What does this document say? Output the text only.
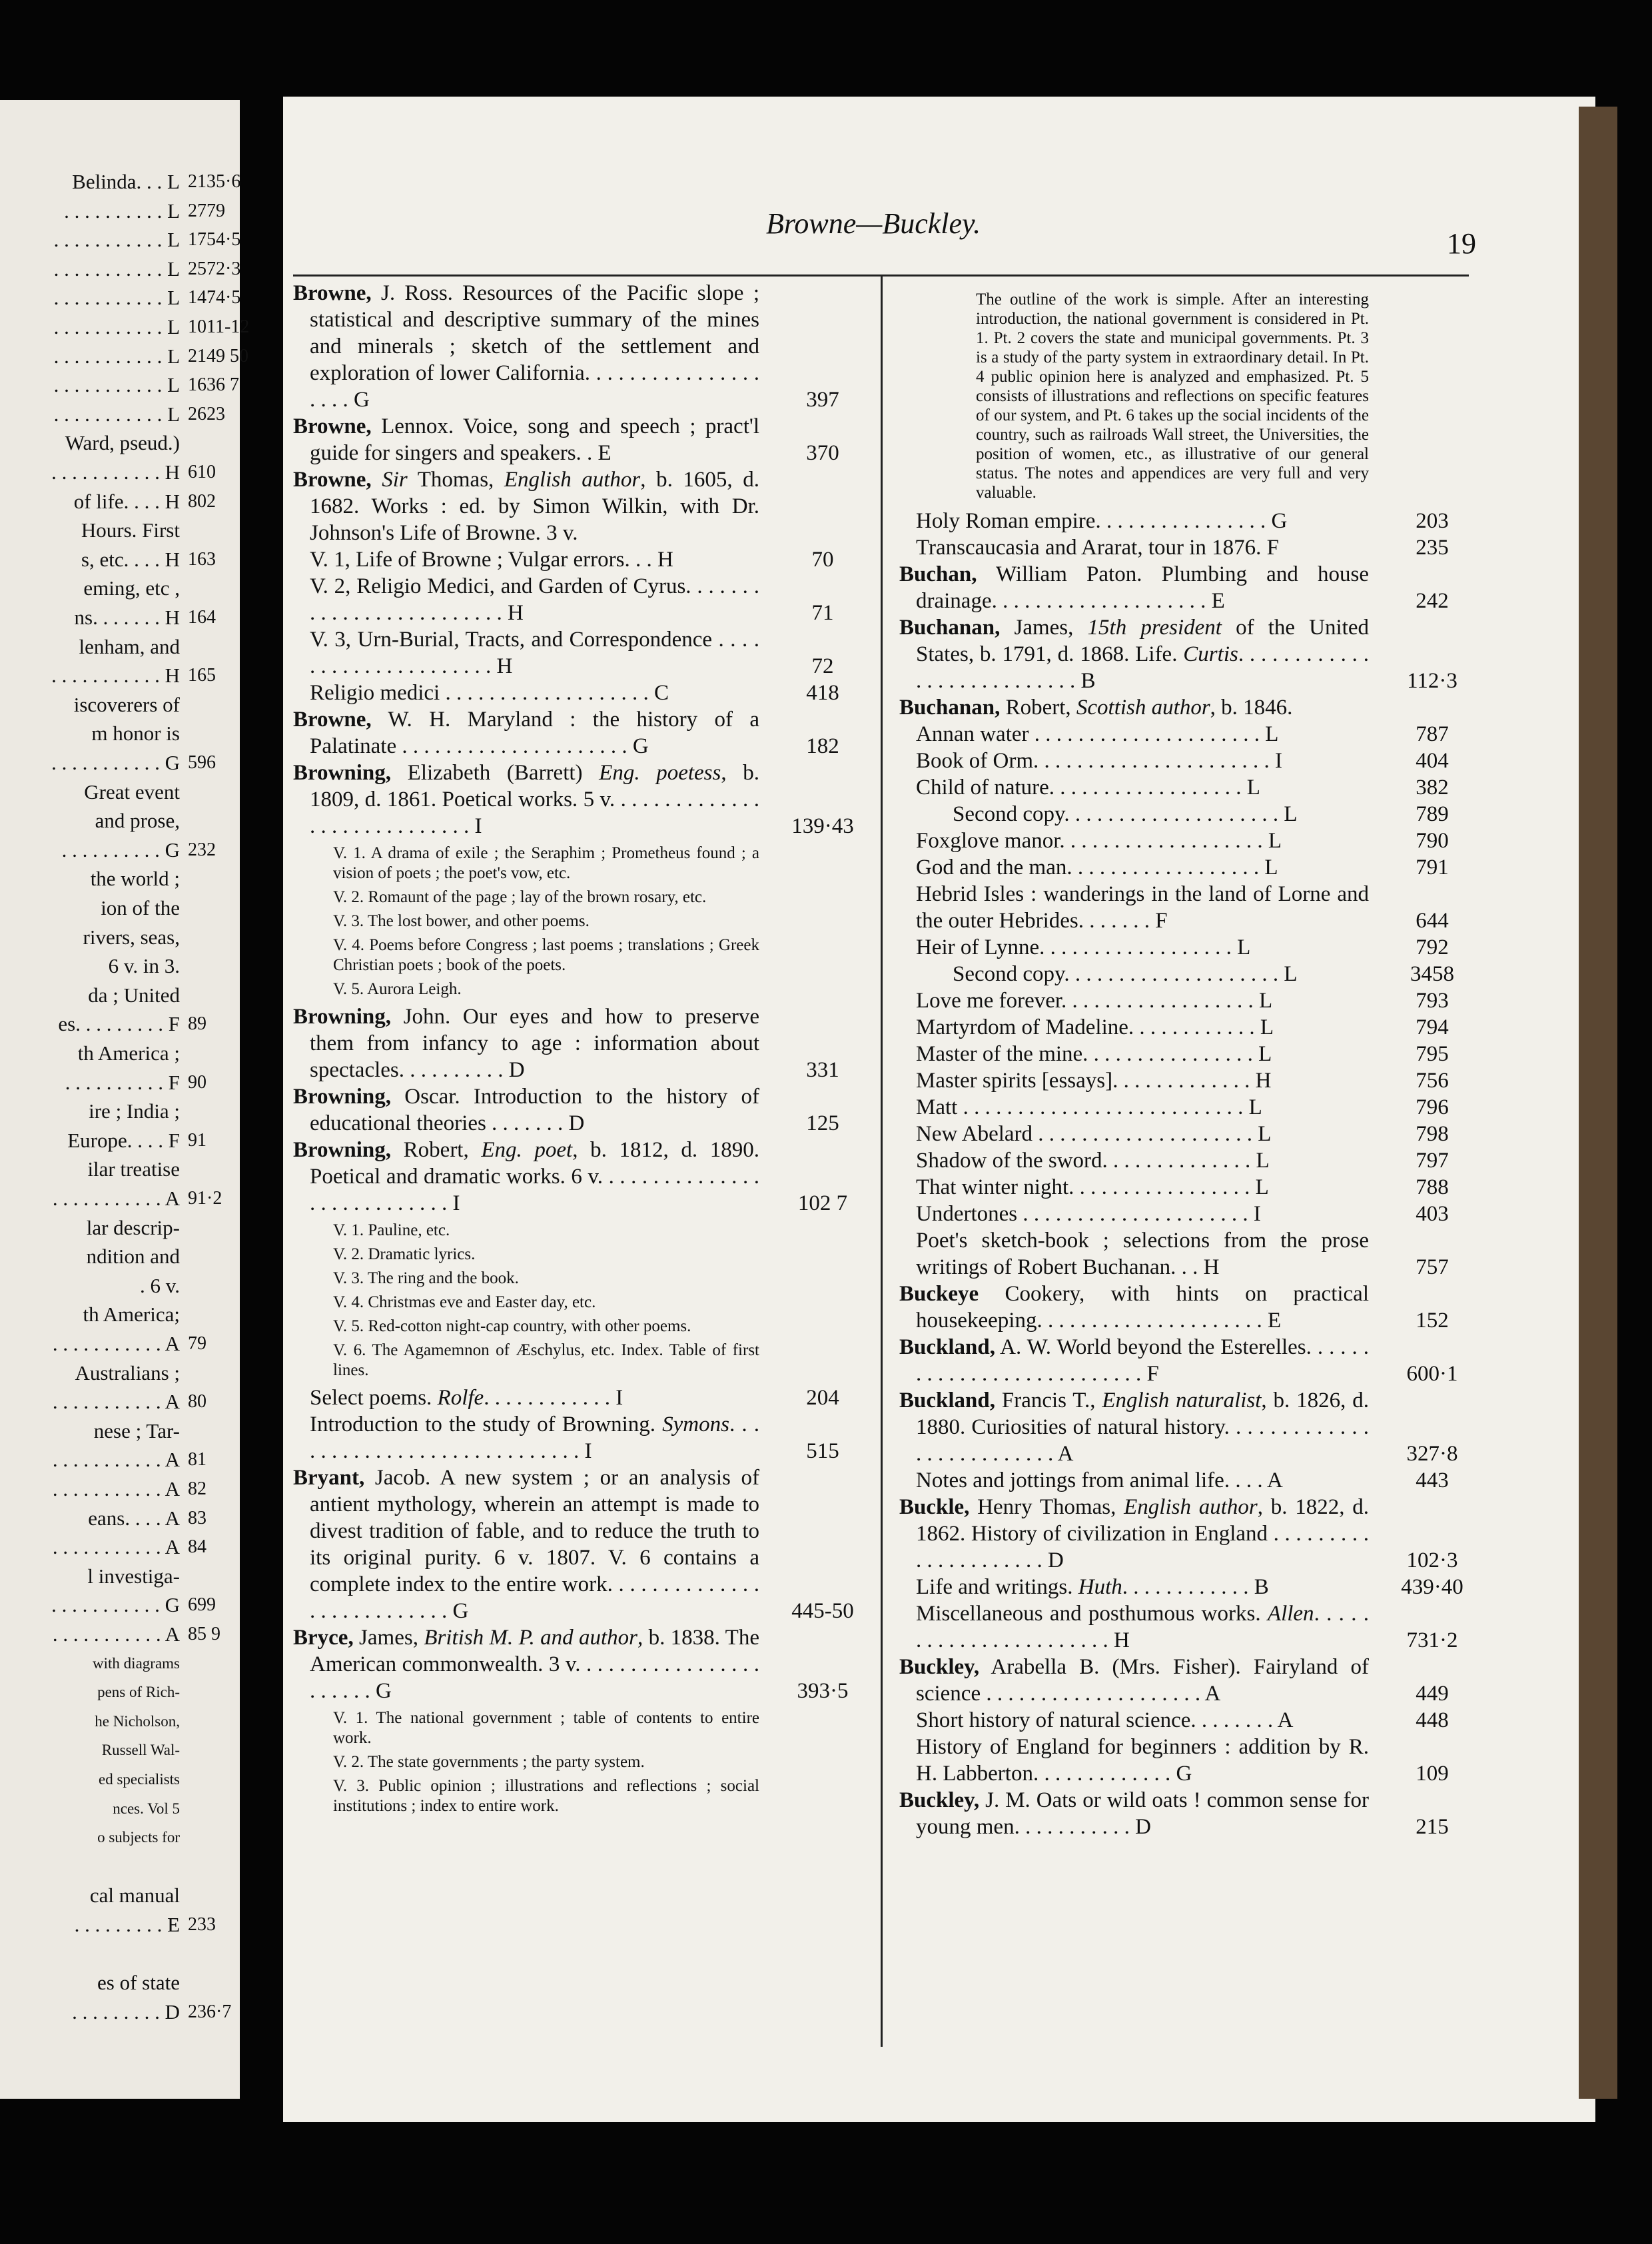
Belinda. . . L 2135·6
. . . . . . . . . . L 2779
. . . . . . . . . . . L 1754·5
. . . . . . . . . . . L 2572·3
. . . . . . . . . . . L 1474·5
. . . . . . . . . . . L 1011-12
. . . . . . . . . . . L 2149 50
. . . . . . . . . . . L 1636 7
. . . . . . . . . . . L 2623
Ward, pseud.)
. . . . . . . . . . . H 610
of life. . . . H 802
Hours. First
s, etc. . . . H 163
eming, etc ,
ns. . . . . . . H 164
lenham, and
. . . . . . . . . . . H 165
iscoverers of
m honor is
. . . . . . . . . . . G 596
Great event
and prose,
. . . . . . . . . . G 232
the world ;
ion of the
rivers, seas,
6 v. in 3.
da ; United
es. . . . . . . . . F 89
th America ;
. . . . . . . . . . F 90
ire ; India ;
Europe. . . . F 91
ilar treatise
. . . . . . . . . . . A 91·2
lar descrip-
ndition and
. 6 v.
th America;
. . . . . . . . . . . A 79
Australians ;
. . . . . . . . . . . A 80
nese ; Tar-
. . . . . . . . . . . A 81
. . . . . . . . . . . A 82
eans. . . . A 83
. . . . . . . . . . . A 84
l investiga-
. . . . . . . . . . . G 699
. . . . . . . . . . . A 85 9
with diagrams
pens of Rich-
he Nicholson,
Russell Wal-
ed specialists
nces. Vol 5
o subjects for
cal manual
. . . . . . . . . E 233
es of state
. . . . . . . . . D 236·7
Browne—Buckley.
19

Browne, J. Ross. Resources of the Pacific slope ; statistical and descriptive summary of the mines and minerals ; sketch of the settlement and exploration of lower California. . . . . . . . . . . . . . . . . . . . G	397

Browne, Lennox. Voice, song and speech ; pract'l guide for singers and speakers. . E	370

Browne, Sir Thomas, English author, b. 1605, d. 1682. Works : ed. by Simon Wilkin, with Dr. Johnson's Life of Browne. 3 v.

V. 1, Life of Browne ; Vulgar errors. . . H	70

V. 2, Religio Medici, and Garden of Cyrus. . . . . . . . . . . . . . . . . . . . . . . . . H	71

V. 3, Urn-Burial, Tracts, and Correspondence . . . . . . . . . . . . . . . . . . . . . H	72

Religio medici . . . . . . . . . . . . . . . . . . . C	418

Browne, W. H. Maryland : the history of a Palatinate . . . . . . . . . . . . . . . . . . . . . G	182

Browning, Elizabeth (Barrett) Eng. poetess, b. 1809, d. 1861. Poetical works. 5 v. . . . . . . . . . . . . . . . . . . . . . . . . . . . . I	139·43

V. 1. A drama of exile ; the Seraphim ; Prometheus found ; a vision of poets ; the poet's vow, etc.

V. 2. Romaunt of the page ; lay of the brown rosary, etc.

V. 3. The lost bower, and other poems.

V. 4. Poems before Congress ; last poems ; translations ; Greek Christian poets ; book of the poets.

V. 5. Aurora Leigh.

Browning, John. Our eyes and how to preserve them from infancy to age : information about spectacles. . . . . . . . . . D	331

Browning, Oscar. Introduction to the history of educational theories . . . . . . . D	125

Browning, Robert, Eng. poet, b. 1812, d. 1890. Poetical and dramatic works. 6 v. . . . . . . . . . . . . . . . . . . . . . . . . . . . I	102 7

V. 1. Pauline, etc.

V. 2. Dramatic lyrics.

V. 3. The ring and the book.

V. 4. Christmas eve and Easter day, etc.

V. 5. Red-cotton night-cap country, with other poems.

V. 6. The Agamemnon of Æschylus, etc. Index. Table of first lines.

Select poems. Rolfe. . . . . . . . . . . . I	204

Introduction to the study of Browning. Symons. . . . . . . . . . . . . . . . . . . . . . . . . . . . I	515

Bryant, Jacob. A new system ; or an analysis of antient mythology, wherein an attempt is made to divest tradition of fable, and to reduce the truth to its original purity. 6 v. 1807. V. 6 contains a complete index to the entire work. . . . . . . . . . . . . . . . . . . . . . . . . . . G	445-50

Bryce, James, British M. P. and author, b. 1838. The American commonwealth. 3 v. . . . . . . . . . . . . . . . . . . . . . . G	393·5

V. 1. The national government ; table of contents to entire work.

V. 2. The state governments ; the party system.

V. 3. Public opinion ; illustrations and reflections ; social institutions ; index to entire work.

The outline of the work is simple. After an interesting introduction, the national government is considered in Pt. 1. Pt. 2 covers the state and municipal governments. Pt. 3 is a study of the party system in extraordinary detail. In Pt. 4 public opinion here is analyzed and emphasized. Pt. 5 consists of illustrations and reflections on specific features of our system, and Pt. 6 takes up the social incidents of the country, such as railroads Wall street, the Universities, the position of women, etc., as illustrative of our general status. The notes and appendices are very full and very valuable.

Holy Roman empire. . . . . . . . . . . . . . . . G	203

Transcaucasia and Ararat, tour in 1876. F	235

Buchan, William Paton. Plumbing and house drainage. . . . . . . . . . . . . . . . . . . . E	242

Buchanan, James, 15th president of the United States, b. 1791, d. 1868. Life. Curtis. . . . . . . . . . . . . . . . . . . . . . . . . . . B	112·3

Buchanan, Robert, Scottish author, b. 1846.

Annan water . . . . . . . . . . . . . . . . . . . . . L	787

Book of Orm. . . . . . . . . . . . . . . . . . . . . . I	404

Child of nature. . . . . . . . . . . . . . . . . . L	382

Second copy. . . . . . . . . . . . . . . . . . . . L	789

Foxglove manor. . . . . . . . . . . . . . . . . . . L	790

God and the man. . . . . . . . . . . . . . . . . . L	791

Hebrid Isles : wanderings in the land of Lorne and the outer Hebrides. . . . . . . F	644

Heir of Lynne. . . . . . . . . . . . . . . . . . L	792

Second copy. . . . . . . . . . . . . . . . . . . . L	3458

Love me forever. . . . . . . . . . . . . . . . . . L	793

Martyrdom of Madeline. . . . . . . . . . . . L	794

Master of the mine. . . . . . . . . . . . . . . . L	795

Master spirits [essays]. . . . . . . . . . . . . H	756

Matt . . . . . . . . . . . . . . . . . . . . . . . . . . L	796

New Abelard . . . . . . . . . . . . . . . . . . . . L	798

Shadow of the sword. . . . . . . . . . . . . . L	797

That winter night. . . . . . . . . . . . . . . . . L	788

Undertones . . . . . . . . . . . . . . . . . . . . . I	403

Poet's sketch-book ; selections from the prose writings of Robert Buchanan. . . H	757

Buckeye Cookery, with hints on practical housekeeping. . . . . . . . . . . . . . . . . . . . . E	152

Buckland, A. W. World beyond the Esterelles. . . . . . . . . . . . . . . . . . . . . . . . . . . F	600·1

Buckland, Francis T., English naturalist, b. 1826, d. 1880. Curiosities of natural history. . . . . . . . . . . . . . . . . . . . . . . . . . A	327·8

Notes and jottings from animal life. . . . A	443

Buckle, Henry Thomas, English author, b. 1822, d. 1862. History of civilization in England . . . . . . . . . . . . . . . . . . . . . D	102·3

Life and writings. Huth. . . . . . . . . . . . B	439·40

Miscellaneous and posthumous works. Allen. . . . . . . . . . . . . . . . . . . . . . . H	731·2

Buckley, Arabella B. (Mrs. Fisher). Fairyland of science . . . . . . . . . . . . . . . . . . . . A	449

Short history of natural science. . . . . . . . A	448

History of England for beginners : addition by R. H. Labberton. . . . . . . . . . . . . G	109

Buckley, J. M. Oats or wild oats ! common sense for young men. . . . . . . . . . . D	215
